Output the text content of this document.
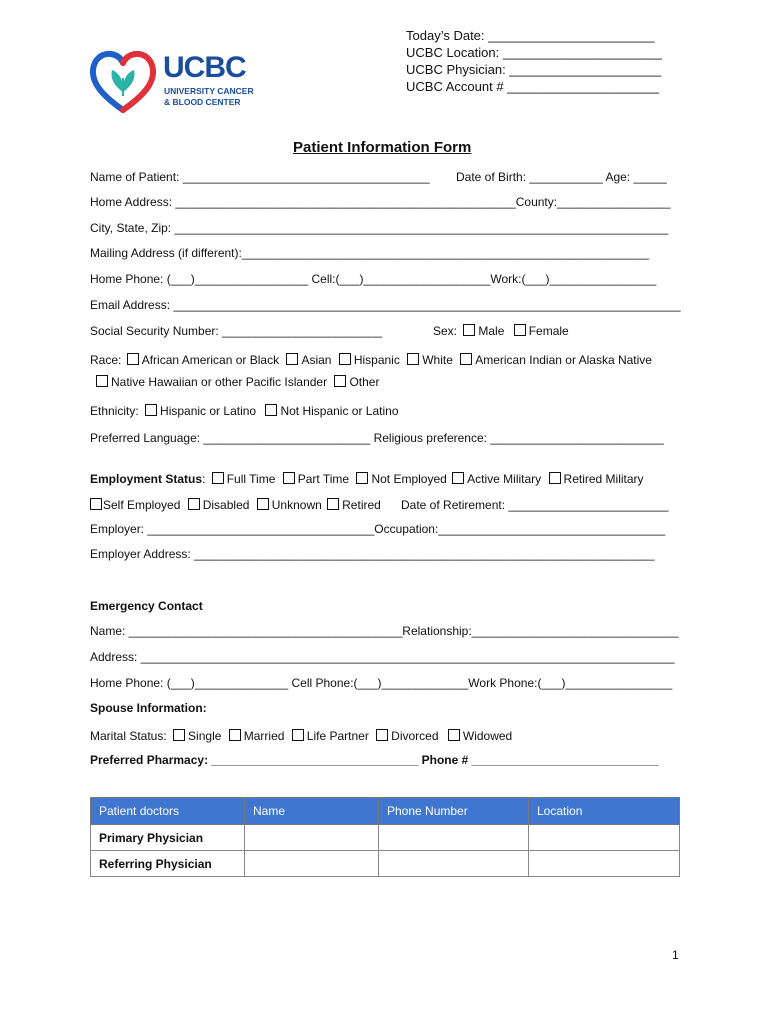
UCBC
UNIVERSITY CANCER
& BLOOD CENTER
Today’s Date: _______________________
UCBC Location: ______________________
UCBC Physician: _____________________
UCBC Account # _____________________
Patient Information Form
Name of Patient: _____________________________________ Date of Birth: ___________ Age: _____
Home Address: ___________________________________________________County:_________________
City, State, Zip: __________________________________________________________________________
Mailing Address (if different):_____________________________________________________________
Home Phone: (___)_________________ Cell:(___)___________________Work:(___)________________
Email Address: ____________________________________________________________________________
Social Security Number: ________________________	Sex: Male Female
Race: African American or Black Asian Hispanic White American Indian or Alaska Native
Native Hawaiian or other Pacific Islander Other
Ethnicity: Hispanic or Latino Not Hispanic or Latino
Preferred Language: _________________________ Religious preference: __________________________
Employment Status: Full Time Part Time Not Employed Active Military Retired Military
Self Employed Disabled Unknown Retired Date of Retirement: ________________________
Employer: __________________________________Occupation:__________________________________
Employer Address: _____________________________________________________________________
Emergency Contact
Name: _________________________________________Relationship:_______________________________
Address: ________________________________________________________________________________
Home Phone: (___)______________ Cell Phone:(___)_____________Work Phone:(___)________________
Spouse Information:
Marital Status: Single Married Life Partner Divorced Widowed
Preferred Pharmacy: _______________________________ Phone # ____________________________
Patient doctors	Name	Phone Number	Location
Primary Physician			
Referring Physician			
1
